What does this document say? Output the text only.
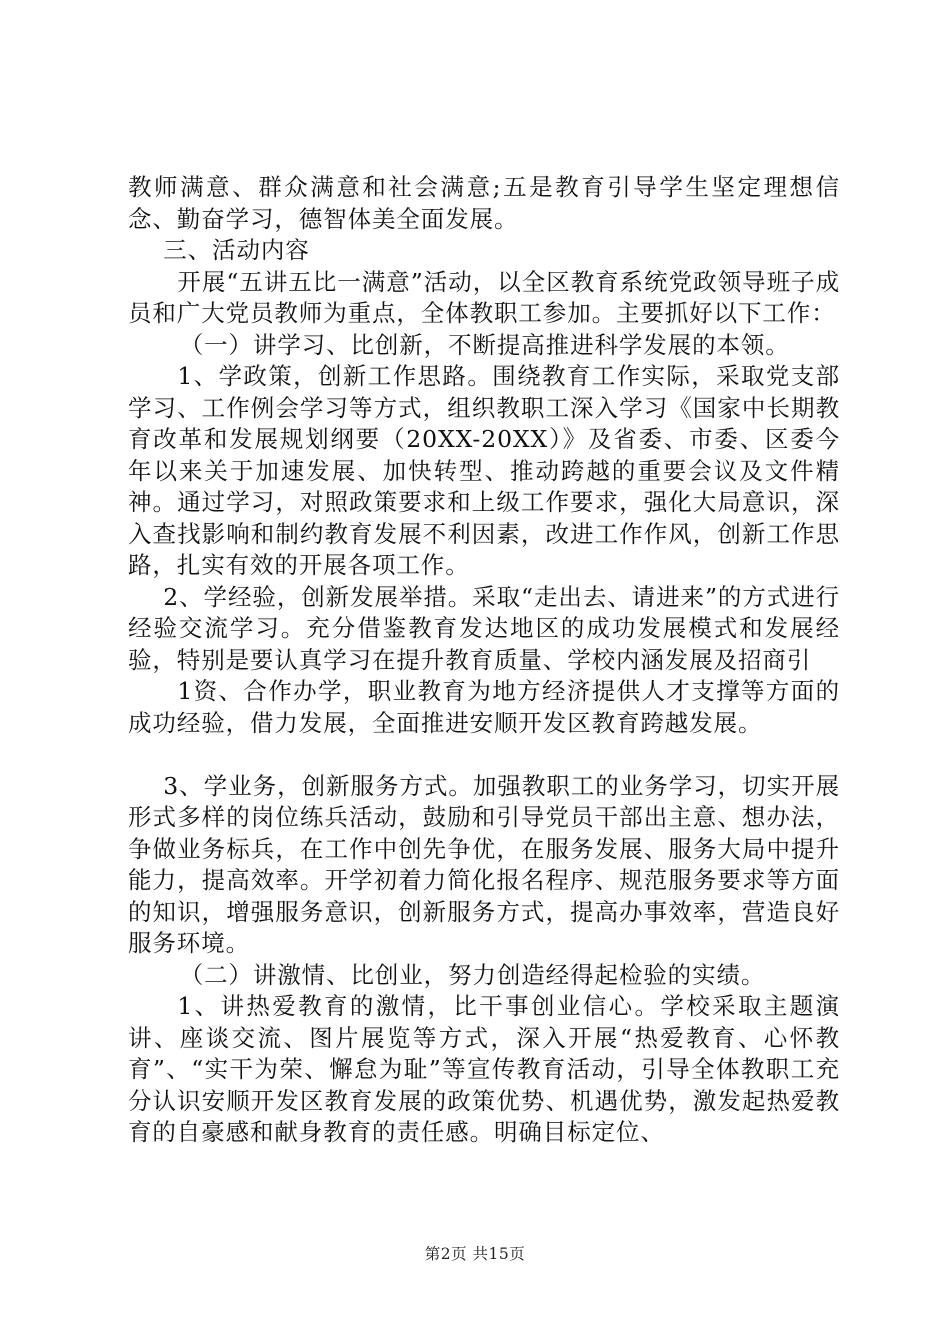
教师满意、群众满意和社会满意;五是教育引导学生坚定理想信念、勤奋学习，德智体美全面发展。

三、活动内容

开展“五讲五比一满意”活动，以全区教育系统党政领导班子成员和广大党员教师为重点，全体教职工参加。主要抓好以下工作：

（一）讲学习、比创新，不断提高推进科学发展的本领。

1、学政策，创新工作思路。围绕教育工作实际，采取党支部学习、工作例会学习等方式，组织教职工深入学习《国家中长期教育改革和发展规划纲要（20XX-20XX）》及省委、市委、区委今年以来关于加速发展、加快转型、推动跨越的重要会议及文件精神。通过学习，对照政策要求和上级工作要求，强化大局意识，深入查找影响和制约教育发展不利因素，改进工作作风，创新工作思路，扎实有效的开展各项工作。

2、学经验，创新发展举措。采取“走出去、请进来”的方式进行经验交流学习。充分借鉴教育发达地区的成功发展模式和发展经验，特别是要认真学习在提升教育质量、学校内涵发展及招商引

1资、合作办学，职业教育为地方经济提供人才支撑等方面的成功经验，借力发展，全面推进安顺开发区教育跨越发展。

3、学业务，创新服务方式。加强教职工的业务学习，切实开展形式多样的岗位练兵活动，鼓励和引导党员干部出主意、想办法，争做业务标兵，在工作中创先争优，在服务发展、服务大局中提升能力，提高效率。开学初着力简化报名程序、规范服务要求等方面的知识，增强服务意识，创新服务方式，提高办事效率，营造良好服务环境。

（二）讲激情、比创业，努力创造经得起检验的实绩。

1、讲热爱教育的激情，比干事创业信心。学校采取主题演讲、座谈交流、图片展览等方式，深入开展“热爱教育、心怀教育”、“实干为荣、懈怠为耻”等宣传教育活动，引导全体教职工充分认识安顺开发区教育发展的政策优势、机遇优势，激发起热爱教育的自豪感和献身教育的责任感。明确目标定位、

第2页 共15页
